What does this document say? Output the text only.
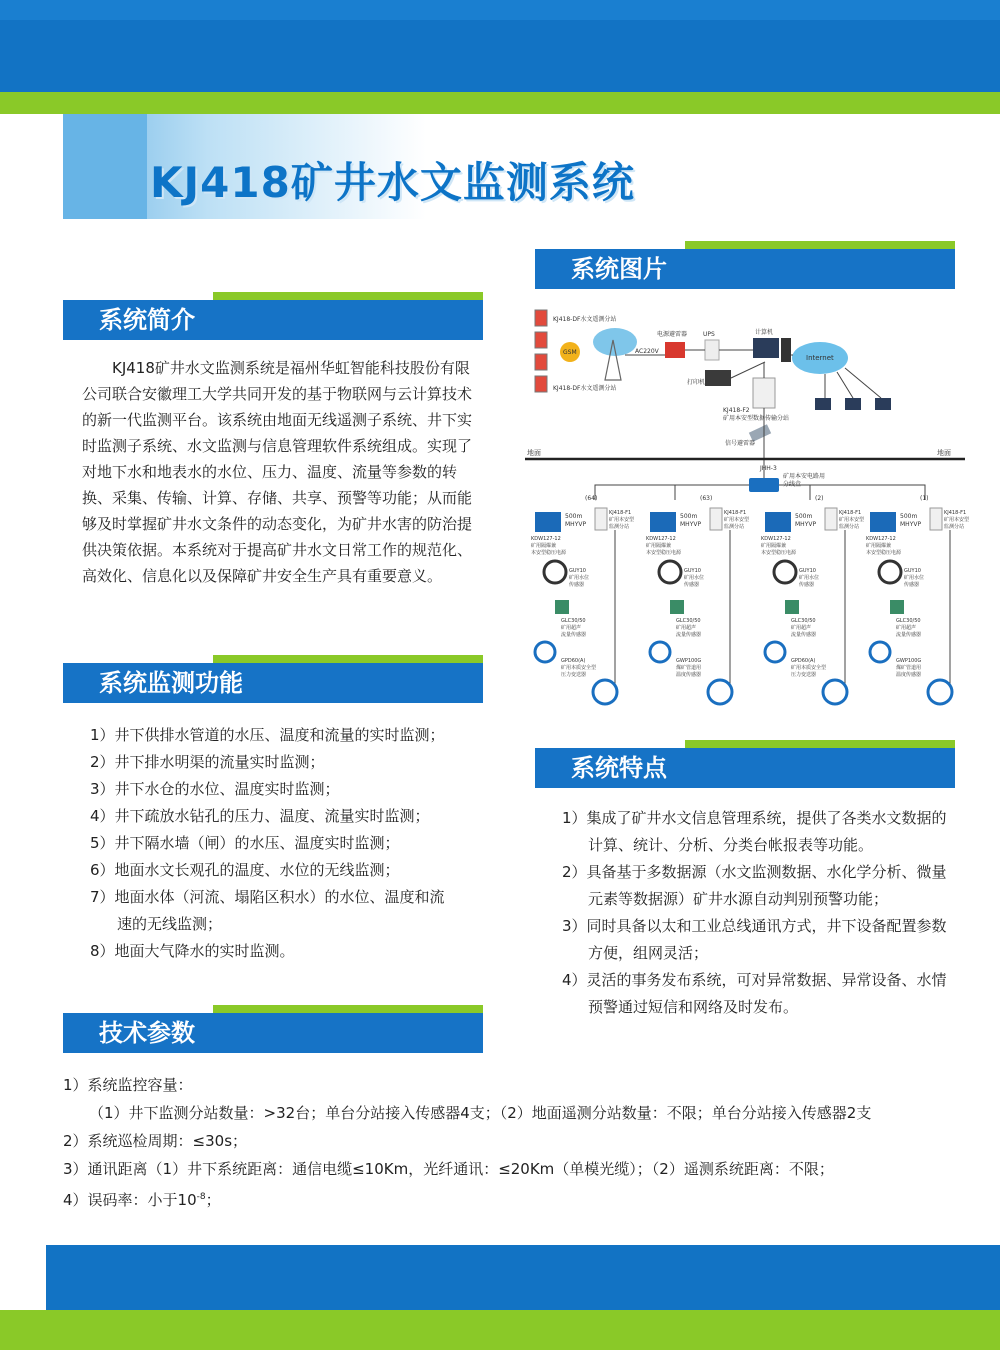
KJ418矿井水文监测系统
系统简介

KJ418矿井水文监测系统是福州华虹智能科技股份有限公司联合安徽理工大学共同开发的基于物联网与云计算技术的新一代监测平台。该系统由地面无线遥测子系统、井下实时监测子系统、水文监测与信息管理软件系统组成。实现了对地下水和地表水的水位、压力、温度、流量等参数的转换、采集、传输、计算、存储、共享、预警等功能；从而能够及时掌握矿井水文条件的动态变化，为矿井水害的防治提供决策依据。本系统对于提高矿井水文日常工作的规范化、高效化、信息化以及保障矿井安全生产具有重要意义。

系统监测功能
1）井下供排水管道的水压、温度和流量的实时监测；
2）井下排水明渠的流量实时监测；
3）井下水仓的水位、温度实时监测；
4）井下疏放水钻孔的压力、温度、流量实时监测；
5）井下隔水墙（闸）的水压、温度实时监测；
6）地面水文长观孔的温度、水位的无线监测；
7）地面水体（河流、塌陷区积水）的水位、温度和流
速的无线监测；
8）地面大气降水的实时监测。
系统图片
KJ418-DF水文遥测分站
KJ418-DF水文遥测分站
GSM	AC220V
电源避雷器	UPS	计算机
Internet
打印机
KJ418-F2
矿用本安型数据传输分站
信号避雷器
地面	地面
JHH-3
矿用本安电路用
分线盒
(64)
500m
MHYVP
KJ418-F1
矿用本安型
监测分站
KDW127-12
矿用隔爆兼
本安型稳压电源
GUY10
矿用水位
传感器
GLC30/50
矿用超声
流量传感器
GPD60(A)
矿用本质安全型
压力变送器
(63)
500m
MHYVP
KJ418-F1
矿用本安型
监测分站
KDW127-12
矿用隔爆兼
本安型稳压电源
GUY10
矿用水位
传感器
GLC30/50
矿用超声
流量传感器
GWP100G
煤矿管道用
温度传感器
(2)
500m
MHYVP
KJ418-F1
矿用本安型
监测分站
KDW127-12
矿用隔爆兼
本安型稳压电源
GUY10
矿用水位
传感器
GLC30/50
矿用超声
流量传感器
GPD60(A)
矿用本质安全型
压力变送器
(1)
500m
MHYVP
KJ418-F1
矿用本安型
监测分站
KDW127-12
矿用隔爆兼
本安型稳压电源
GUY10
矿用水位
传感器
GLC30/50
矿用超声
流量传感器
GWP100G
煤矿管道用
温度传感器
系统特点
1）集成了矿井水文信息管理系统，提供了各类水文数据的计算、统计、分析、分类台帐报表等功能。
2）具备基于多数据源（水文监测数据、水化学分析、微量元素等数据源）矿井水源自动判别预警功能；
3）同时具备以太和工业总线通讯方式，井下设备配置参数方便，组网灵活；
4）灵活的事务发布系统，可对异常数据、异常设备、水情预警通过短信和网络及时发布。
技术参数
1）系统监控容量：
（1）井下监测分站数量：>32台；单台分站接入传感器4支；（2）地面遥测分站数量：不限；单台分站接入传感器2支
2）系统巡检周期：≤30s；
3）通讯距离（1）井下系统距离：通信电缆≤10Km，光纤通讯：≤20Km（单模光缆）；（2）遥测系统距离：不限；
4）误码率：小于$10^{-8}$；
